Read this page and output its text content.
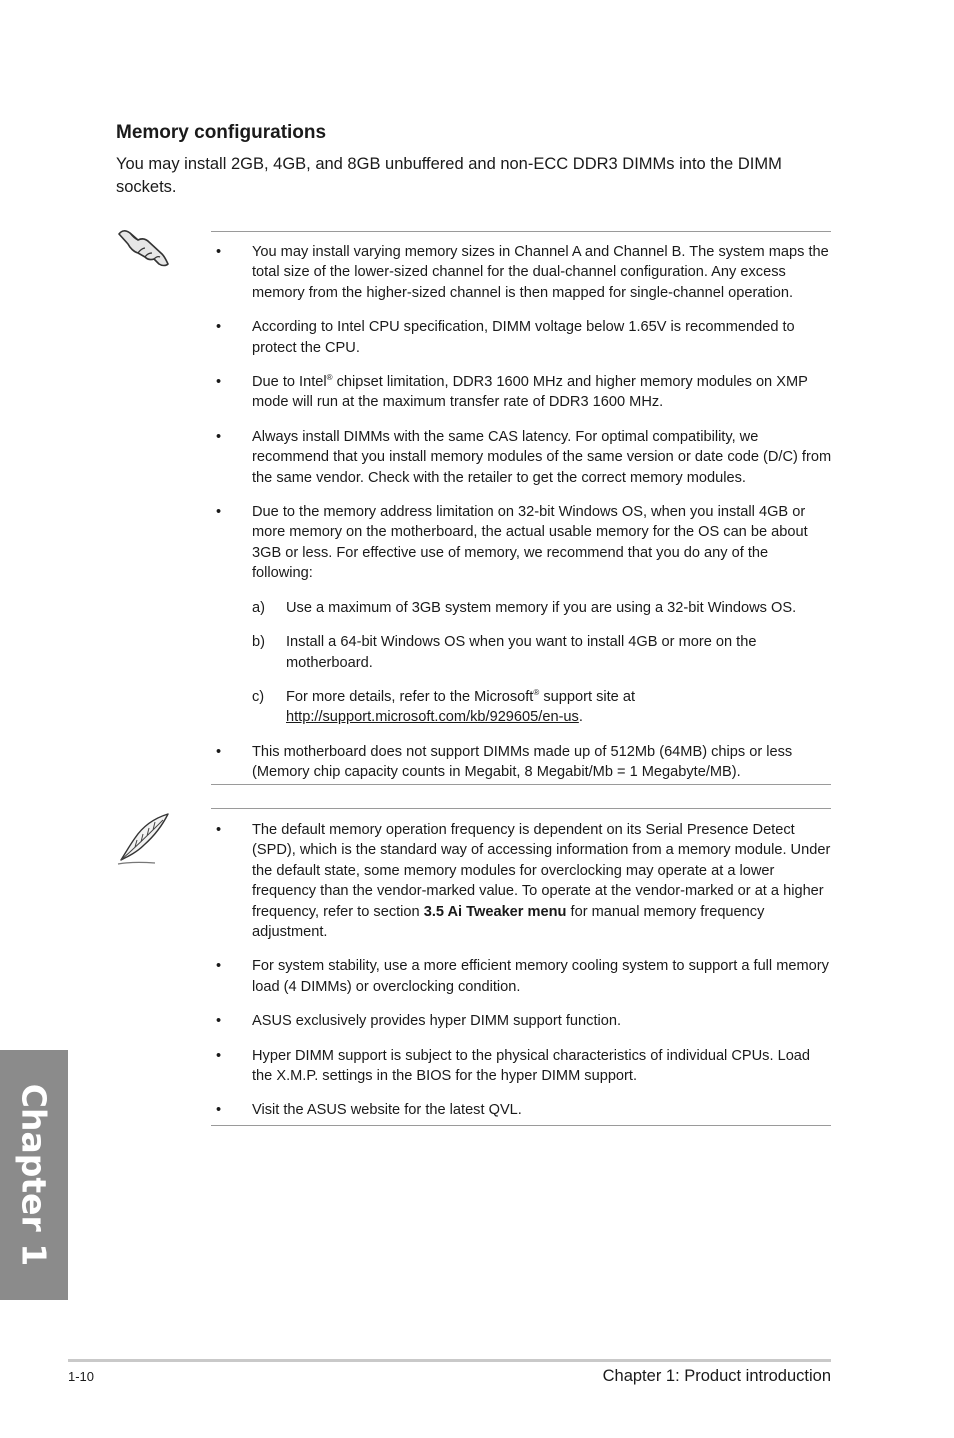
Memory configurations

You may install 2GB, 4GB, and 8GB unbuffered and non-ECC DDR3 DIMMs into the DIMM sockets.

• You may install varying memory sizes in Channel A and Channel B. The system maps the total size of the lower-sized channel for the dual-channel configuration. Any excess memory from the higher-sized channel is then mapped for single-channel operation.
• According to Intel CPU specification, DIMM voltage below 1.65V is recommended to protect the CPU.
• Due to Intel® chipset limitation, DDR3 1600 MHz and higher memory modules on XMP mode will run at the maximum transfer rate of DDR3 1600 MHz.
• Always install DIMMs with the same CAS latency. For optimal compatibility, we recommend that you install memory modules of the same version or date code (D/C) from the same vendor. Check with the retailer to get the correct memory modules.
• Due to the memory address limitation on 32-bit Windows OS, when you install 4GB or more memory on the motherboard, the actual usable memory for the OS can be about 3GB or less. For effective use of memory, we recommend that you do any of the following:
a) Use a maximum of 3GB system memory if you are using a 32-bit Windows OS.
b) Install a 64-bit Windows OS when you want to install 4GB or more on the motherboard.
c) For more details, refer to the Microsoft® support site at http://support.microsoft.com/kb/929605/en-us.
• This motherboard does not support DIMMs made up of 512Mb (64MB) chips or less (Memory chip capacity counts in Megabit, 8 Megabit/Mb = 1 Megabyte/MB).
• The default memory operation frequency is dependent on its Serial Presence Detect (SPD), which is the standard way of accessing information from a memory module. Under the default state, some memory modules for overclocking may operate at a lower frequency than the vendor-marked value. To operate at the vendor-marked or at a higher frequency, refer to section 3.5 Ai Tweaker menu for manual memory frequency adjustment.
• For system stability, use a more efficient memory cooling system to support a full memory load (4 DIMMs) or overclocking condition.
• ASUS exclusively provides hyper DIMM support function.
• Hyper DIMM support is subject to the physical characteristics of individual CPUs. Load the X.M.P. settings in the BIOS for the hyper DIMM support.
• Visit the ASUS website for the latest QVL.
Chapter 1
1-10	Chapter 1: Product introduction
